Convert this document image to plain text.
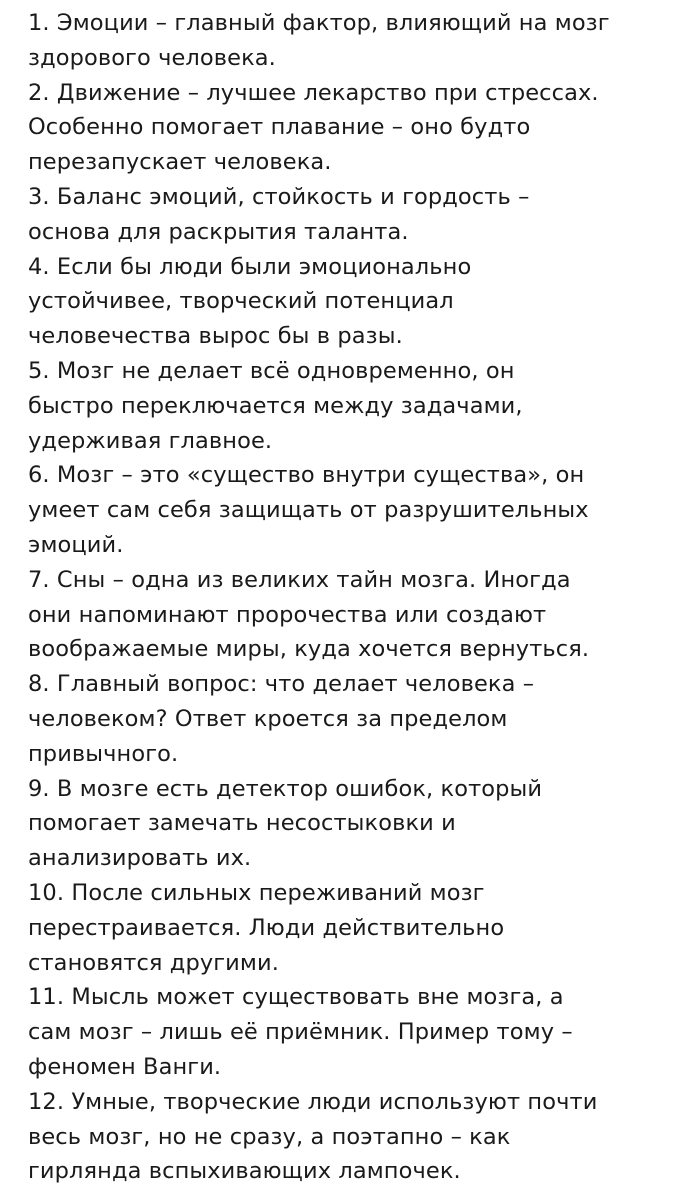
1. Эмоции – главный фактор, влияющий на мозг
здорового человека.
2. Движение – лучшее лекарство при стрессах.
Особенно помогает плавание – оно будто
перезапускает человека.
3. Баланс эмоций, стойкость и гордость –
основа для раскрытия таланта.
4. Если бы люди были эмоционально
устойчивее, творческий потенциал
человечества вырос бы в разы.
5. Мозг не делает всё одновременно, он
быстро переключается между задачами,
удерживая главное.
6. Мозг – это «существо внутри существа», он
умеет сам себя защищать от разрушительных
эмоций.
7. Сны – одна из великих тайн мозга. Иногда
они напоминают пророчества или создают
воображаемые миры, куда хочется вернуться.
8. Главный вопрос: что делает человека –
человеком? Ответ кроется за пределом
привычного.
9. В мозге есть детектор ошибок, который
помогает замечать несостыковки и
анализировать их.
10. После сильных переживаний мозг
перестраивается. Люди действительно
становятся другими.
11. Мысль может существовать вне мозга, а
сам мозг – лишь её приёмник. Пример тому –
феномен Ванги.
12. Умные, творческие люди используют почти
весь мозг, но не сразу, а поэтапно – как
гирлянда вспыхивающих лампочек.
